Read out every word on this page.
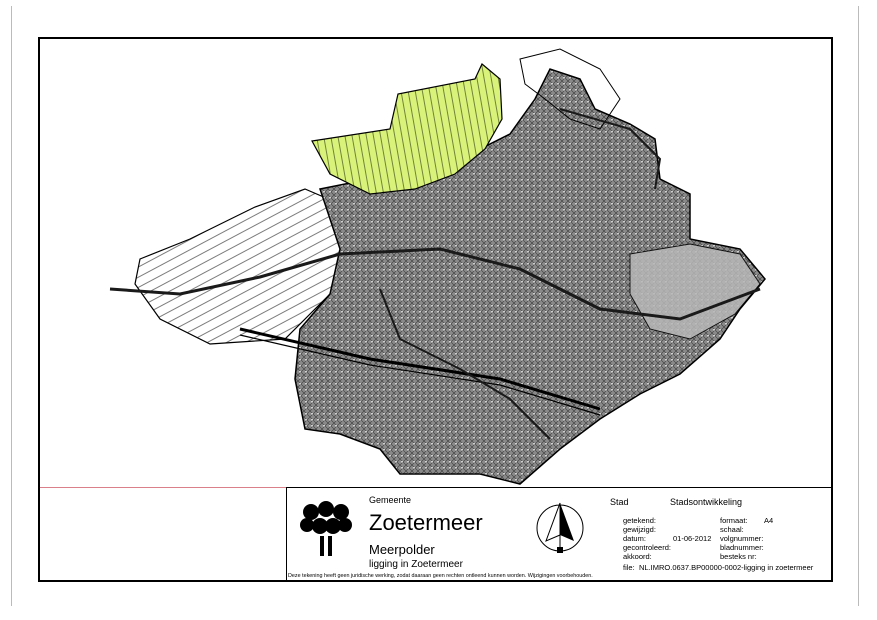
Gemeente
Zoetermeer
Meerpolder
ligging in Zoetermeer
Stad	Stadsontwikkeling
getekend:
gewijzigd:
datum:	01-06-2012
gecontroleerd:
akkoord:
formaat: A4
schaal:
volgnummer:
bladnummer:
besteks nr:
file: NL.IMRO.0637.BP00000-0002-ligging in zoetermeer
Deze tekening heeft geen juridische werking, zodat daaraan geen rechten ontleend kunnen worden. Wijzigingen voorbehouden.
